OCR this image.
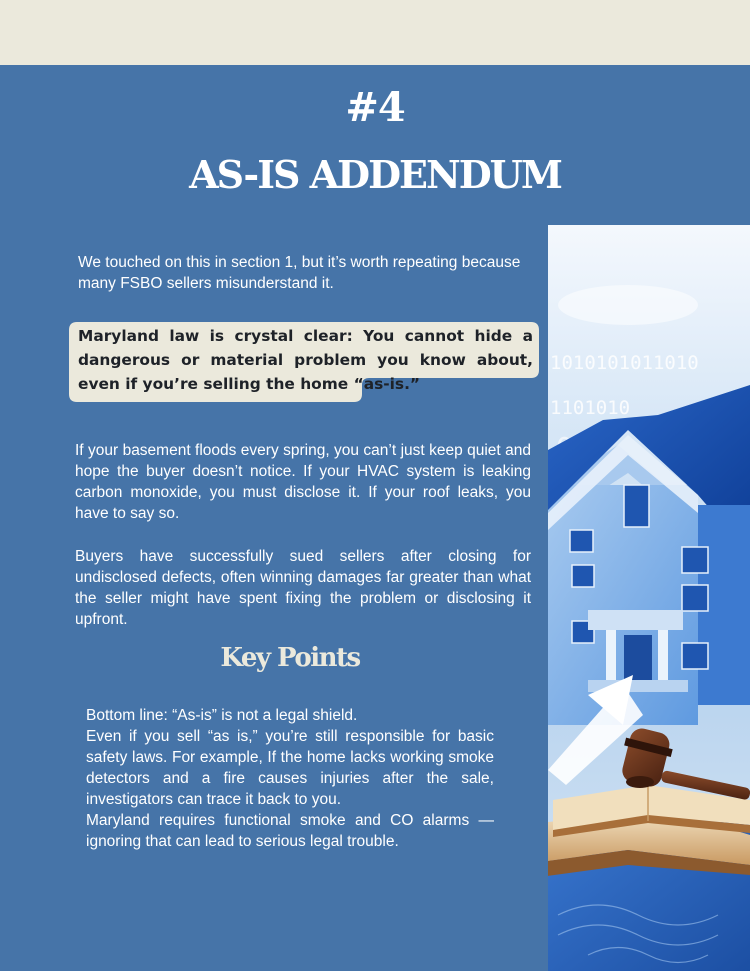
#4
AS-IS ADDENDUM
We touched on this in section 1, but it’s worth repeating because many FSBO sellers misunderstand it.

Maryland law is crystal clear: You cannot hide a dangerous or material problem you know about, even if you’re selling the home “as-is.”

If your basement floods every spring, you can’t just keep quiet and hope the buyer doesn’t notice. If your HVAC system is leaking carbon monoxide, you must disclose it. If your roof leaks, you have to say so.
Buyers have successfully sued sellers after closing for undisclosed defects, often winning damages far greater than what the seller might have spent fixing the problem or disclosing it upfront.
Key Points
Bottom line: “As-is” is not a legal shield.
Even if you sell “as is,” you’re still responsible for basic safety laws. For example, If the home lacks working smoke detectors and a fire causes injuries after the sale, investigators can trace it back to you.
Maryland requires functional smoke and CO alarms — ignoring that can lead to serious legal trouble.
1010101011010
1101010
